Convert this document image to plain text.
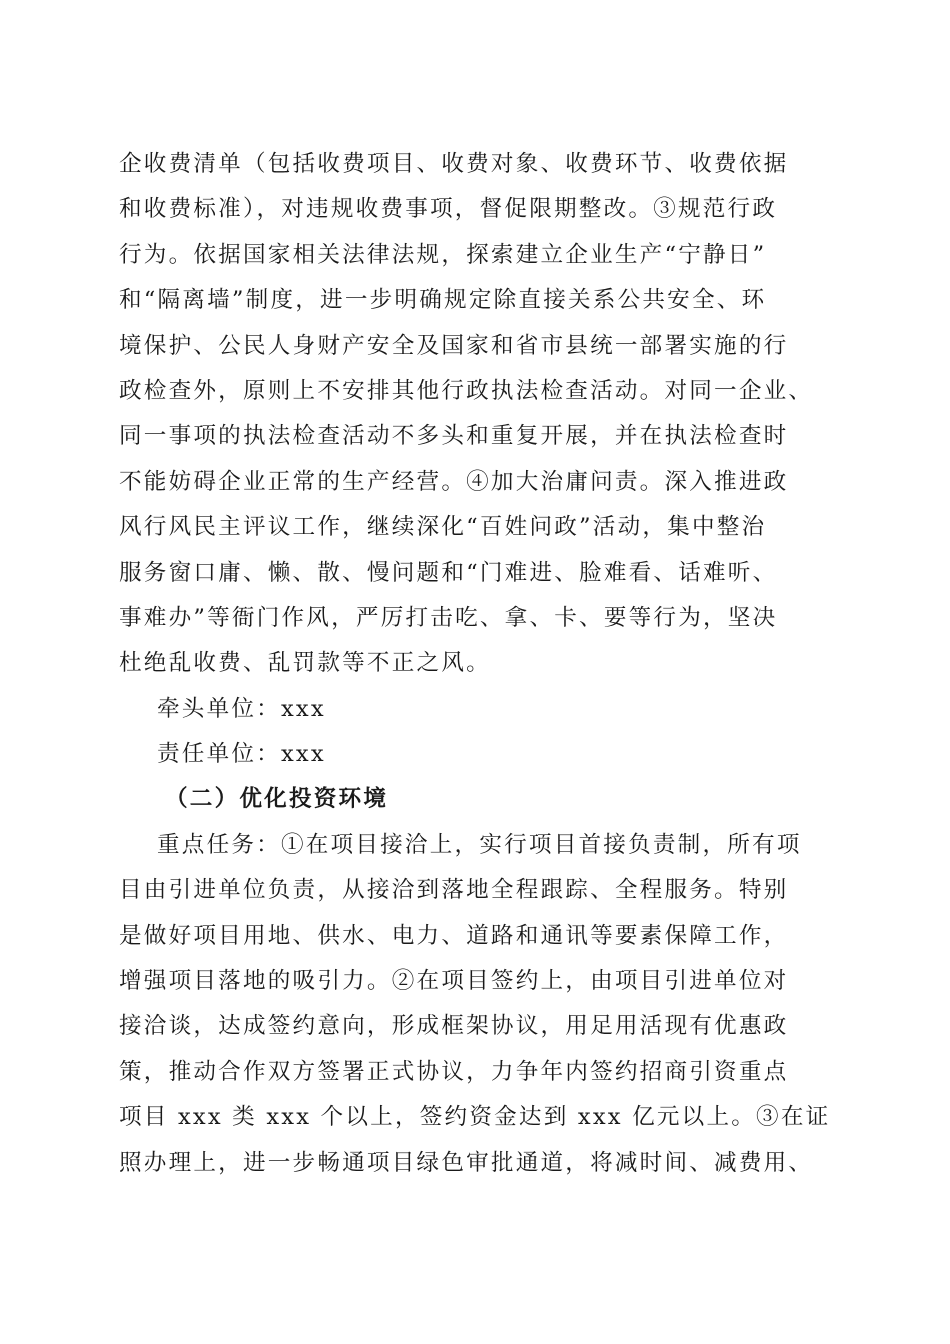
企收费清单（包括收费项目、收费对象、收费环节、收费依据
和收费标准），对违规收费事项，督促限期整改。③规范行政
行为。依据国家相关法律法规，探索建立企业生产“宁静日”
和“隔离墙”制度，进一步明确规定除直接关系公共安全、环
境保护、公民人身财产安全及国家和省市县统一部署实施的行
政检查外，原则上不安排其他行政执法检查活动。对同一企业、
同一事项的执法检查活动不多头和重复开展，并在执法检查时
不能妨碍企业正常的生产经营。④加大治庸问责。深入推进政
风行风民主评议工作，继续深化“百姓问政”活动，集中整治
服务窗口庸、懒、散、慢问题和“门难进、脸难看、话难听、
事难办”等衙门作风，严厉打击吃、拿、卡、要等行为，坚决
杜绝乱收费、乱罚款等不正之风。
牵头单位：xxx
责任单位：xxx
（二）优化投资环境
重点任务：①在项目接洽上，实行项目首接负责制，所有项
目由引进单位负责，从接洽到落地全程跟踪、全程服务。特别
是做好项目用地、供水、电力、道路和通讯等要素保障工作，
增强项目落地的吸引力。②在项目签约上，由项目引进单位对
接洽谈，达成签约意向，形成框架协议，用足用活现有优惠政
策，推动合作双方签署正式协议，力争年内签约招商引资重点
项目 xxx 类 xxx 个以上，签约资金达到 xxx 亿元以上。③在证
照办理上，进一步畅通项目绿色审批通道，将减时间、减费用、
